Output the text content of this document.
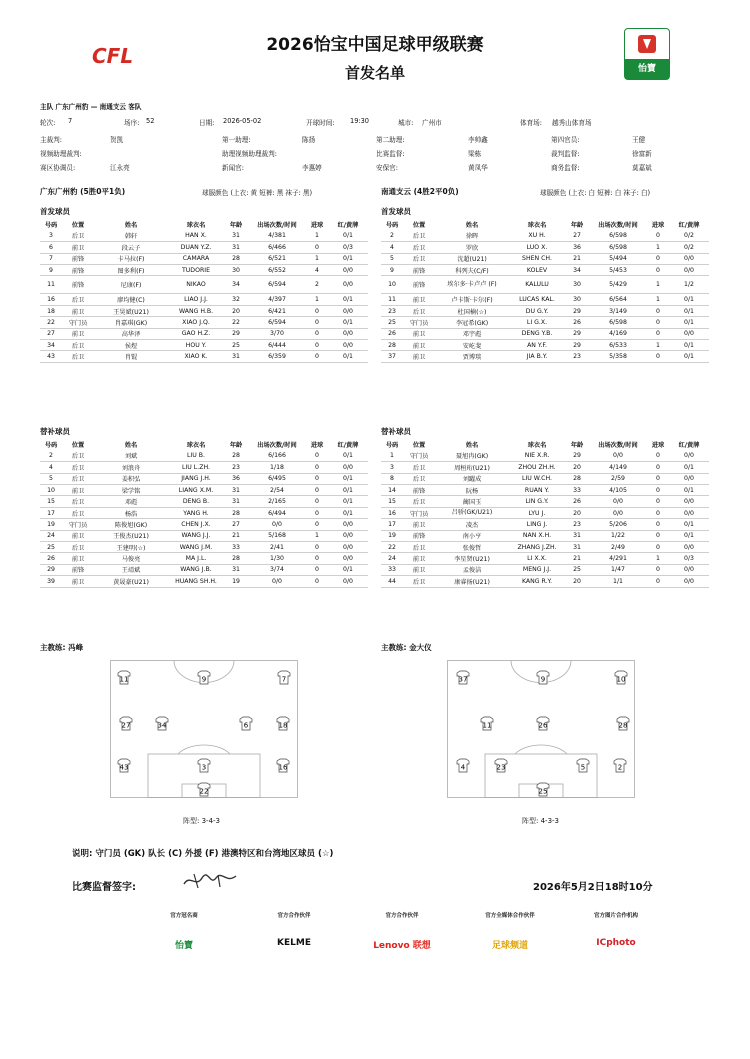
CFL	2026怡宝中国足球甲级联赛
首发名单	怡寶
主队 广东广州豹 — 南通支云 客队
轮次: 7	场序: 52	日期: 2026-05-02	开球时间: 19:30	城市: 广州市	体育场: 越秀山体育场
主裁判:	贺凯	第一助理:	陈扬	第二助理:	李帅鑫	第四官员:	王健
视频助理裁判:	助理视频助理裁判:	比赛监督:	梁栋	裁判监督:	徐富新
赛区协调员:	江永亮	新闻官:	李惠婷	安保官:	黄凤华	商务监督:	莫嘉斌
广东广州豹 (5胜0平1负)	球服颜色 (上衣: 黄 短裤: 黑 袜子: 黑)	南通支云 (4胜2平0负)	球服颜色 (上衣: 白 短裤: 白 袜子: 白)
首发球员	首发球员
号码	位置	姓名	球衣名	年龄	出场次数/时间	进球	红/黄牌
3	后卫	韩轩	HAN X.	31	4/381	1	0/1
6	前卫	段云子	DUAN Y.Z.	31	6/466	0	0/3
7	前锋	卡马拉(F)	CAMARA	28	6/521	1	0/1
9	前锋	图多利(F)	TUDORIE	30	6/552	4	0/0
11	前锋	尼康(F)	NIKAO	34	6/594	2	0/0
16	后卫	廖均健(C)	LIAO J.J.	32	4/397	1	0/1
18	前卫	王昊斌(U21)	WANG H.B.	20	6/421	0	0/0
22	守门员	肖嘉琪(GK)	XIAO J.Q.	22	6/594	0	0/1
27	前卫	高华泽	GAO H.Z.	29	3/70	0	0/0
34	后卫	侯煜	HOU Y.	25	6/444	0	0/0
43	后卫	肖锟	XIAO K.	31	6/359	0	0/1
号码	位置	姓名	球衣名	年龄	出场次数/时间	进球	红/黄牌
2	后卫	徐晖	XU H.	27	6/598	0	0/2
4	后卫	罗欣	LUO X.	36	6/598	1	0/2
5	后卫	沈超(U21)	SHEN CH.	21	5/494	0	0/0
9	前锋	科列夫(C/F)	KOLEV	34	5/453	0	0/0
10	前锋	埃尔多·卡卢卢 (F)	KALULU	30	5/429	1	1/2
11	前卫	卢卡斯·卡尔(F)	LUCAS KAL.	30	6/564	1	0/1
23	后卫	杜国楠(☆)	DU G.Y.	29	3/149	0	0/1
25	守门员	李冠希(GK)	LI G.X.	26	6/598	0	0/1
26	前卫	邓宇彪	DENG Y.B.	29	4/169	0	0/0
28	前卫	安屹斐	AN Y.F.	29	6/533	1	0/1
37	前卫	贾博琰	JIA B.Y.	23	5/358	0	0/1
替补球员	替补球员
号码	位置	姓名	球衣名	年龄	出场次数/时间	进球	红/黄牌
2	后卫	刘斌	LIU B.	28	6/166	0	0/1
4	后卫	刘浪舟	LIU L.ZH.	23	1/18	0	0/0
5	后卫	姜积弘	JIANG J.H.	36	6/495	0	0/1
10	前卫	梁学铭	LIANG X.M.	31	2/54	0	0/1
15	后卫	邓彪	DENG B.	31	2/165	0	0/1
17	后卫	杨浩	YANG H.	28	6/494	0	0/1
19	守门员	陈俊旭(GK)	CHEN J.X.	27	0/0	0	0/0
24	前卫	王俊杰(U21)	WANG J.J.	21	5/168	1	0/0
25	后卫	王建明(☆)	WANG J.M.	33	2/41	0	0/0
26	前卫	马俊亮	MA J.L.	28	1/30	0	0/0
29	前锋	王靖斌	WANG J.B.	31	3/74	0	0/1
39	前卫	黄晟豪(U21)	HUANG SH.H.	19	0/0	0	0/0
号码	位置	姓名	球衣名	年龄	出场次数/时间	进球	红/黄牌
1	守门员	聂旭冉(GK)	NIE X.R.	29	0/0	0	0/0
3	后卫	周桓珩(U21)	ZHOU ZH.H.	20	4/149	0	0/1
8	后卫	刘躍成	LIU W.CH.	28	2/59	0	0/0
14	前锋	阮杨	RUAN Y.	33	4/105	0	0/1
15	后卫	蔺国玉	LIN G.Y.	26	0/0	0	0/0
16	守门员	吕骄(GK/U21)	LYU J.	20	0/0	0	0/0
17	前卫	凌杰	LING J.	23	5/206	0	0/1
19	前锋	南小亨	NAN X.H.	31	1/22	0	0/1
22	后卫	张俊哲	ZHANG J.ZH.	31	2/49	0	0/0
24	前卫	李星贤(U21)	LI X.X.	21	4/291	1	0/3
33	前卫	孟俊洁	MENG J.J.	25	1/47	0	0/0
44	后卫	康睿扬(U21)	KANG R.Y.	20	1/1	0	0/0
主教练: 冯峰	主教练: 金大仪
11	9	7
27	34	6	18
43	3	16
22
37	9	10
11	26	28
4	23	5	2
25
阵型: 3-4-3	阵型: 4-3-3
说明: 守门员 (GK) 队长 (C) 外援 (F) 港澳特区和台湾地区球员 (☆)
比赛监督签字:	2026年5月2日18时10分
官方冠名商
怡寶
官方合作伙伴
KELME
官方合作伙伴
Lenovo 联想
官方全媒体合作伙伴
足球频道
官方图片合作机构
ICphoto
